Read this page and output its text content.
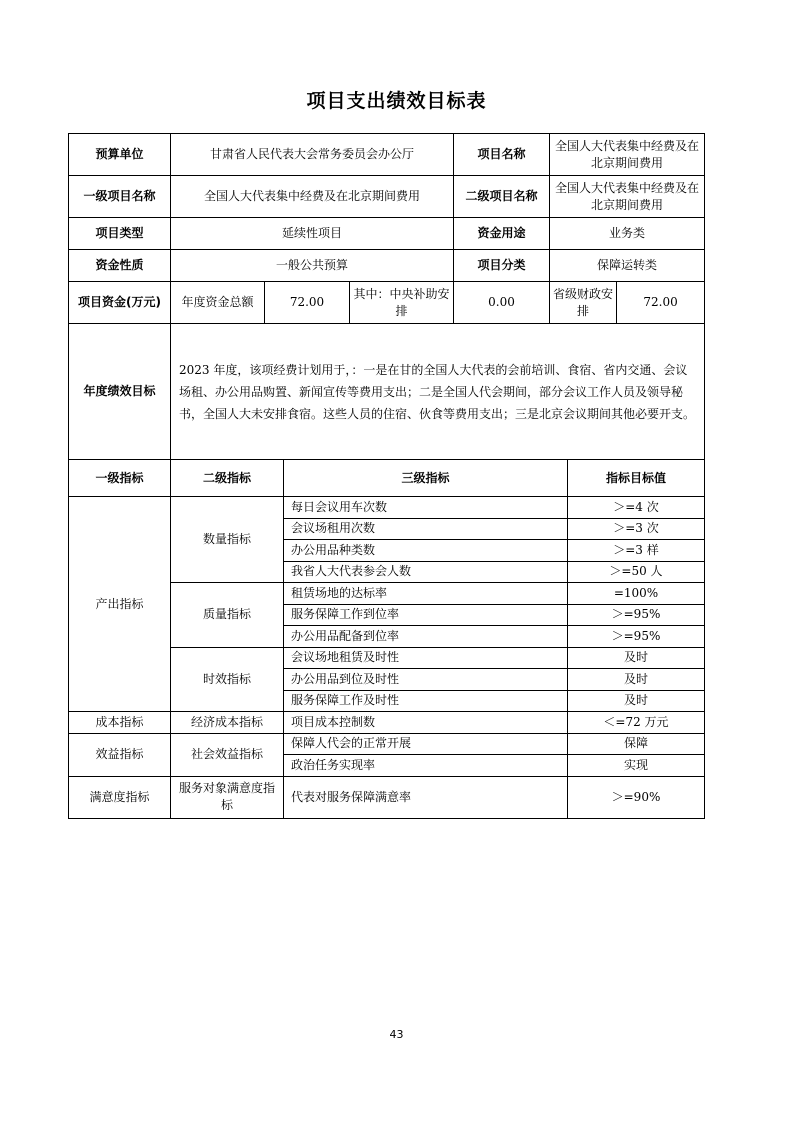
项目支出绩效目标表
预算单位	甘肃省人民代表大会常务委员会办公厅			项目名称	全国人大代表集中经费及在北京期间费用	
一级项目名称	全国人大代表集中经费及在北京期间费用			二级项目名称	全国人大代表集中经费及在北京期间费用	
项目类型	延续性项目			资金用途	业务类	
资金性质	一般公共预算			项目分类	保障运转类	
项目资金(万元)	年度资金总额	72.00	其中：中央补助安排	0.00	省级财政安排	72.00
年度绩效目标	2023 年度，该项经费计划用于，：一是在甘的全国人大代表的会前培训、食宿、省内交通、会议场租、办公用品购置、新闻宣传等费用支出；二是全国人代会期间，部分会议工作人员及领导秘书，全国人大未安排食宿。这些人员的住宿、伙食等费用支出；三是北京会议期间其他必要开支。					
一级指标	二级指标	三级指标	指标目标值
产出指标	数量指标	每日会议用车次数	＞=4 次
		会议场租用次数	＞=3 次
		办公用品种类数	＞=3 样
		我省人大代表参会人数	＞=50 人
	质量指标	租赁场地的达标率	=100%
		服务保障工作到位率	＞=95%
		办公用品配备到位率	＞=95%
	时效指标	会议场地租赁及时性	及时
		办公用品到位及时性	及时
		服务保障工作及时性	及时
成本指标	经济成本指标	项目成本控制数	＜=72 万元
效益指标	社会效益指标	保障人代会的正常开展	保障
		政治任务实现率	实现
满意度指标	服务对象满意度指标	代表对服务保障满意率	＞=90%
43
